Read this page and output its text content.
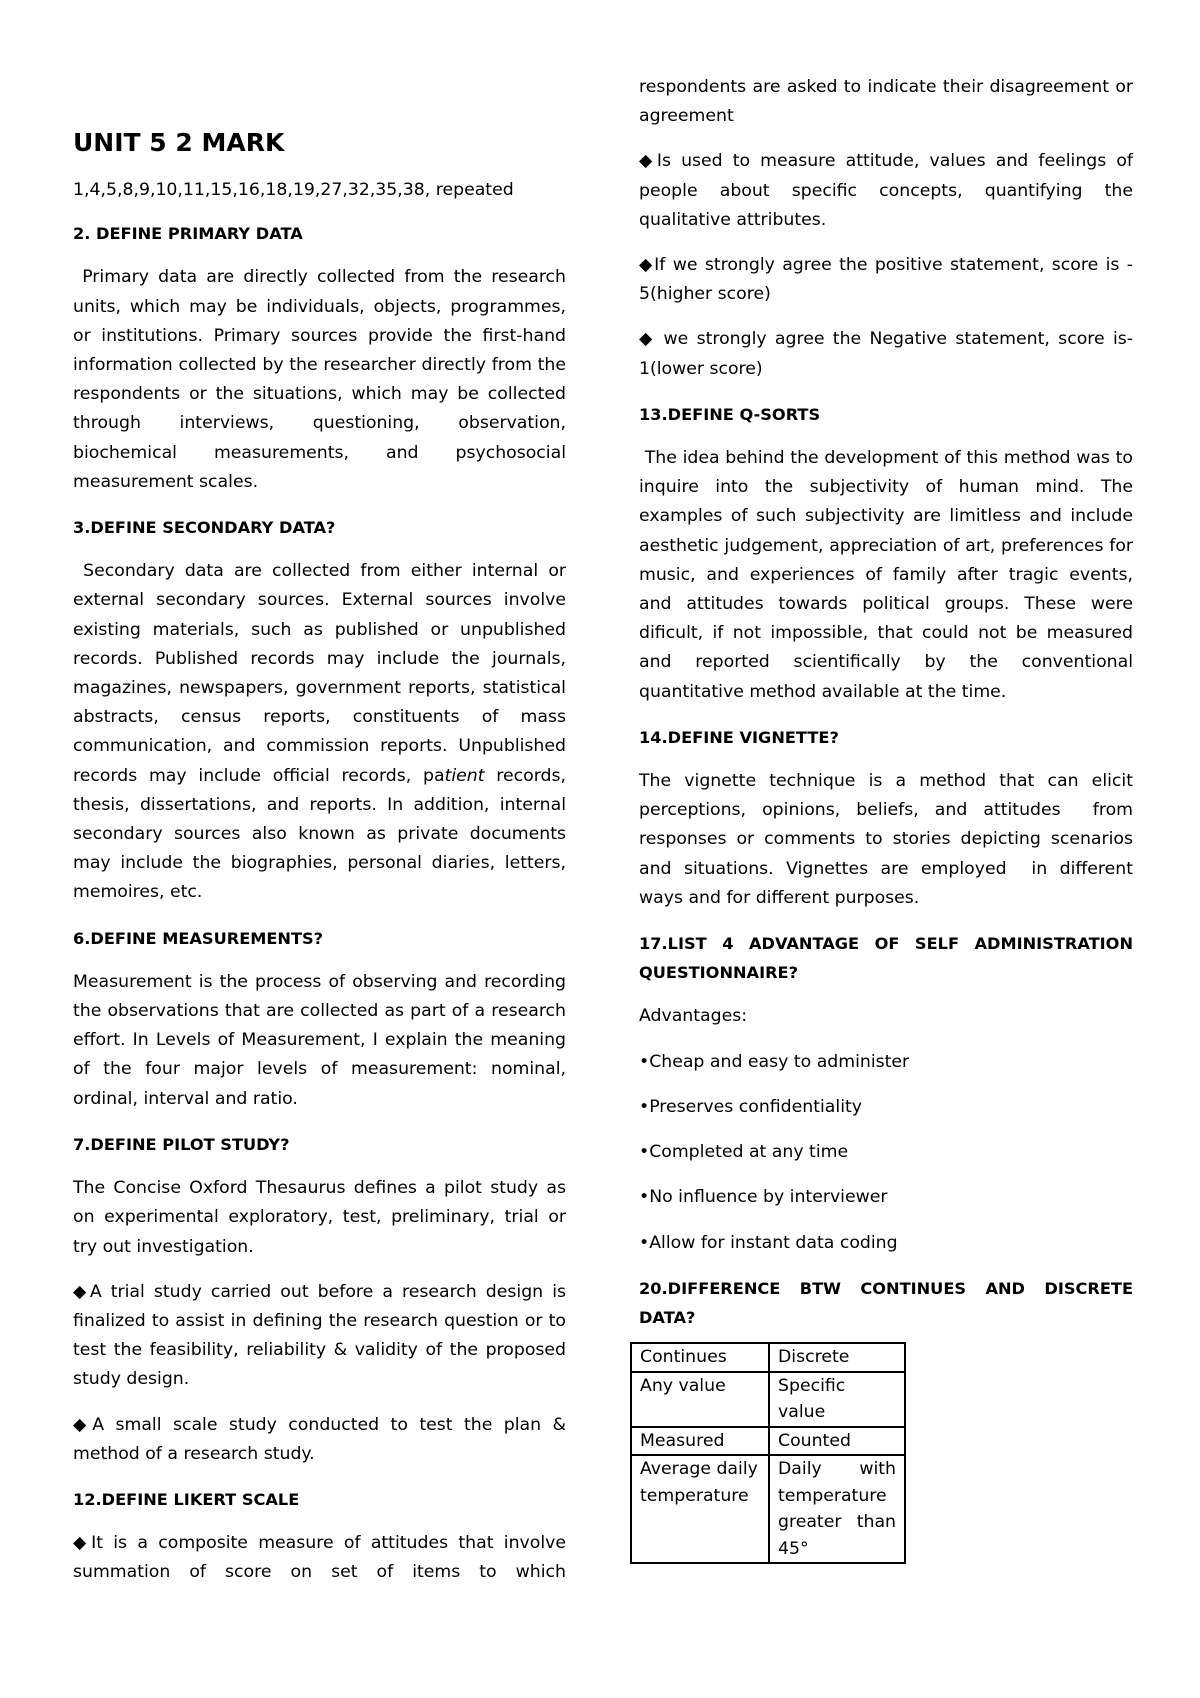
UNIT 5 2 MARK

1,4,5,8,9,10,11,15,16,18,19,27,32,35,38, repeated

2. DEFINE PRIMARY DATA

Primary data are directly collected from the research units, which may be individuals, objects, programmes, or institutions. Primary sources provide the first-hand information collected by the researcher directly from the respondents or the situations, which may be collected through interviews, questioning, observation, biochemical measurements, and psychosocial measurement scales.

3.DEFINE SECONDARY DATA?

Secondary data are collected from either internal or external secondary sources. External sources involve existing materials, such as published or unpublished records. Published records may include the journals, magazines, newspapers, government reports, statistical abstracts, census reports, constituents of mass communication, and commission reports. Unpublished records may include official records, patient records, thesis, dissertations, and reports. In addition, internal secondary sources also known as private documents may include the biographies, personal diaries, letters, memoires, etc.

6.DEFINE MEASUREMENTS?

Measurement is the process of observing and recording the observations that are collected as part of a research effort. In Levels of Measurement, I explain the meaning of the four major levels of measurement: nominal, ordinal, interval and ratio.

7.DEFINE PILOT STUDY?

The Concise Oxford Thesaurus defines a pilot study as on experimental exploratory, test, preliminary, trial or try out investigation.

◆A trial study carried out before a research design is finalized to assist in defining the research question or to test the feasibility, reliability & validity of the proposed study design.

◆A small scale study conducted to test the plan & method of a research study.

12.DEFINE LIKERT SCALE

◆It is a composite measure of attitudes that involve summation of score on set of items to which

respondents are asked to indicate their disagreement or agreement

◆Is used to measure attitude, values and feelings of people about specific concepts, quantifying the qualitative attributes.

◆If we strongly agree the positive statement, score is - 5(higher score)

◆ we strongly agree the Negative statement, score is- 1(lower score)

13.DEFINE Q-SORTS

The idea behind the development of this method was to inquire into the subjectivity of human mind. The examples of such subjectivity are limitless and include aesthetic judgement, appreciation of art, preferences for music, and experiences of family after tragic events, and attitudes towards political groups. These were dificult, if not impossible, that could not be measured and reported scientifically by the conventional quantitative method available at the time.

14.DEFINE VIGNETTE?

The vignette technique is a method that can elicit perceptions, opinions, beliefs, and attitudes  from responses or comments to stories depicting scenarios and situations. Vignettes are employed  in different ways and for different purposes.

17.LIST 4 ADVANTAGE OF SELF ADMINISTRATION QUESTIONNAIRE?

Advantages:

•Cheap and easy to administer

•Preserves confidentiality

•Completed at any time

•No influence by interviewer

•Allow for instant data coding

20.DIFFERENCE BTW CONTINUES AND DISCRETE DATA?

Continues	Discrete
Any value	Specific value
Measured	Counted
Average daily temperature	Daily with temperature greater than 45°
